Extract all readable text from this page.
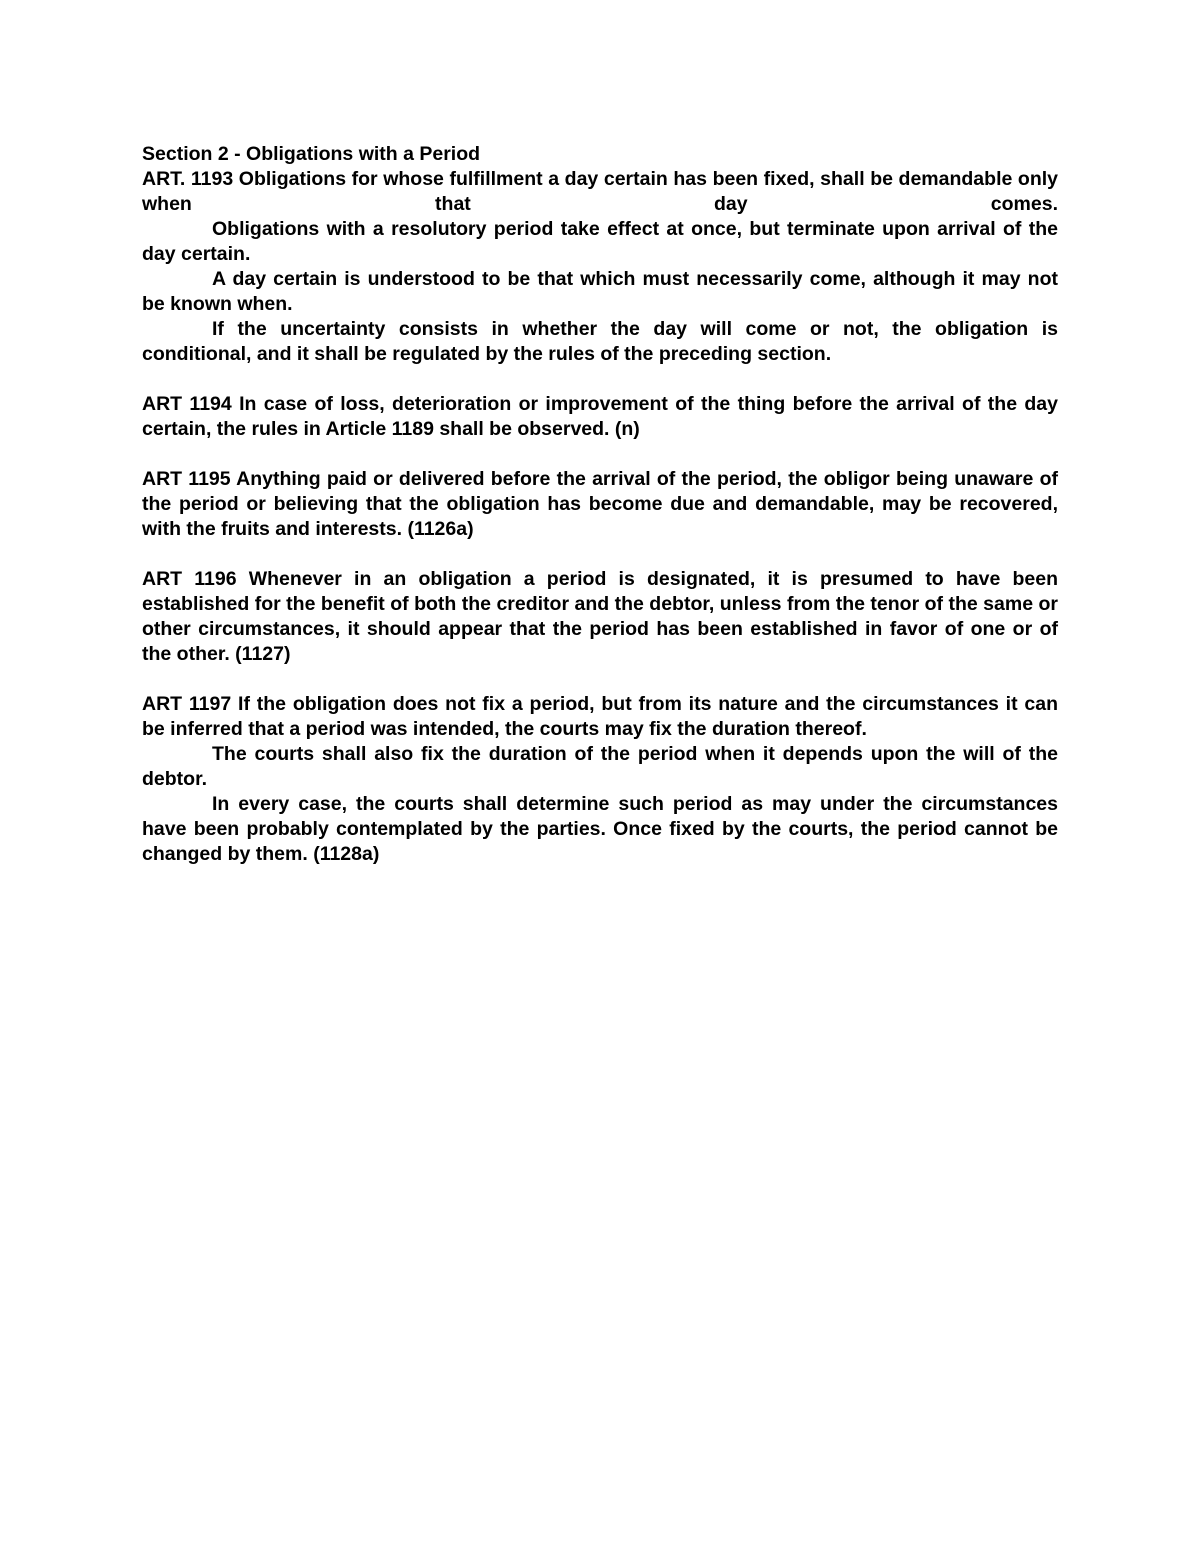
Section 2 - Obligations with a Period

ART. 1193 Obligations for whose fulfillment a day certain has been fixed, shall be demandable only when that day comes.

Obligations with a resolutory period take effect at once, but terminate upon arrival of the day certain.

A day certain is understood to be that which must necessarily come, although it may not be known when.

If the uncertainty consists in whether the day will come or not, the obligation is conditional, and it shall be regulated by the rules of the preceding section.

ART 1194 In case of loss, deterioration or improvement of the thing before the arrival of the day certain, the rules in Article 1189 shall be observed. (n)

ART 1195 Anything paid or delivered before the arrival of the period, the obligor being unaware of the period or believing that the obligation has become due and demandable, may be recovered, with the fruits and interests. (1126a)

ART 1196 Whenever in an obligation a period is designated, it is presumed to have been established for the benefit of both the creditor and the debtor, unless from the tenor of the same or other circumstances, it should appear that the period has been established in favor of one or of the other. (1127)

ART 1197 If the obligation does not fix a period, but from its nature and the circumstances it can be inferred that a period was intended, the courts may fix the duration thereof.

The courts shall also fix the duration of the period when it depends upon the will of the debtor.

In every case, the courts shall determine such period as may under the circumstances have been probably contemplated by the parties. Once fixed by the courts, the period cannot be changed by them. (1128a)
